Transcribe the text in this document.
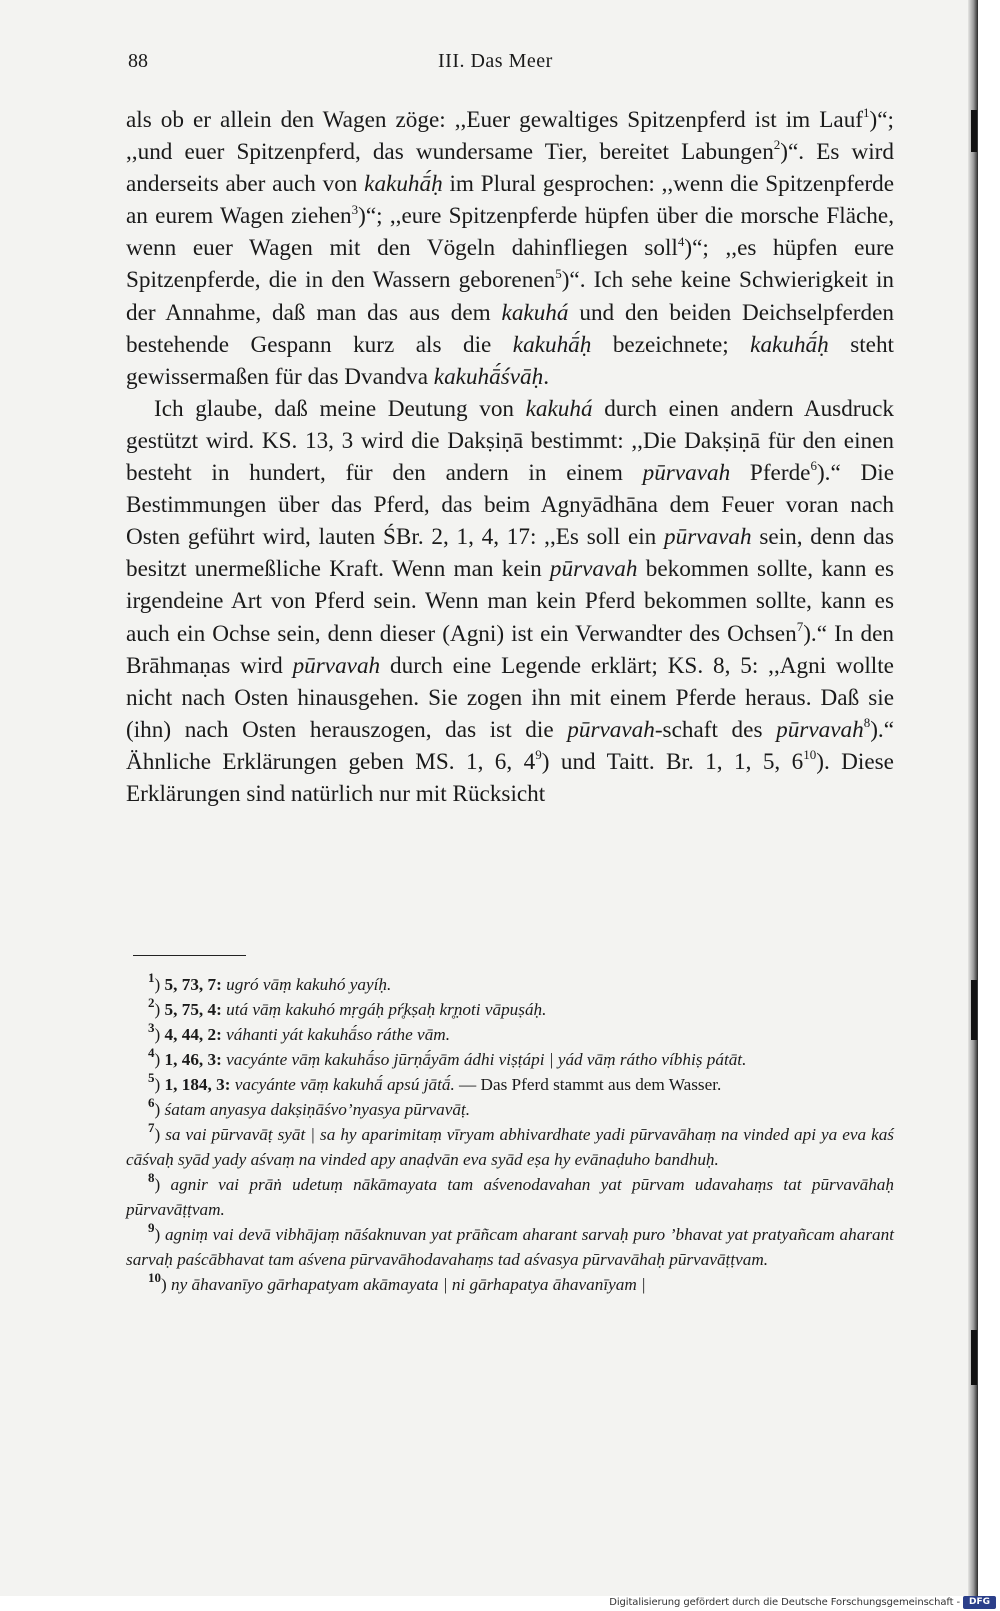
88	III. Das Meer

als ob er allein den Wagen zöge: ,,Euer gewaltiges Spitzenpferd ist im Lauf$^1$)“; ,,und euer Spitzenpferd, das wundersame Tier, bereitet Labungen$^2$)“. Es wird anderseits aber auch von kakuhā́ḥ im Plural gesprochen: ,,wenn die Spitzenpferde an eurem Wagen ziehen$^3$)“; ,,eure Spitzenpferde hüpfen über die morsche Fläche, wenn euer Wagen mit den Vögeln dahinfliegen soll$^4$)“; ,,es hüpfen eure Spitzenpferde, die in den Wassern geborenen$^5$)“. Ich sehe keine Schwierigkeit in der Annahme, daß man das aus dem kakuhá und den beiden Deichselpferden bestehende Gespann kurz als die kakuhā́ḥ bezeichnete; kakuhā́ḥ steht gewissermaßen für das Dvandva kakuhā́śvāḥ.

Ich glaube, daß meine Deutung von kakuhá durch einen andern Ausdruck gestützt wird. KS. 13, 3 wird die Dakṣiṇā bestimmt: ,,Die Dakṣiṇā für den einen besteht in hundert, für den andern in einem pūrvavah Pferde$^6$).“ Die Bestimmungen über das Pferd, das beim Agnyādhāna dem Feuer voran nach Osten geführt wird, lauten ŚBr. 2, 1, 4, 17: ,,Es soll ein pūrvavah sein, denn das besitzt unermeßliche Kraft. Wenn man kein pūrvavah bekommen sollte, kann es irgendeine Art von Pferd sein. Wenn man kein Pferd bekommen sollte, kann es auch ein Ochse sein, denn dieser (Agni) ist ein Verwandter des Ochsen$^7$).“ In den Brāhmaṇas wird pūrvavah durch eine Legende erklärt; KS. 8, 5: ,,Agni wollte nicht nach Osten hinausgehen. Sie zogen ihn mit einem Pferde heraus. Daß sie (ihn) nach Osten herauszogen, das ist die pūrvavah-schaft des pūrvavah$^8$).“ Ähnliche Erklärungen geben MS. 1, 6, $4^9$) und Taitt. Br. 1, 1, 5, $6^{10}$). Diese Erklärungen sind natürlich nur mit Rücksicht

$^1$) 5, 73, 7: ugró vāṃ kakuhó yayíḥ.

$^2$) 5, 75, 4: utá vāṃ kakuhó mṛgáḥ pŕ̥kṣaḥ kr̥ṇoti vāpuṣáḥ.

$^3$) 4, 44, 2: váhanti yát kakuhā́so ráthe vām.

$^4$) 1, 46, 3: vacyánte vāṃ kakuhā́so jūrṇā́yām ádhi viṣṭápi | yád vāṃ rátho víbhiṣ pátāt.

$^5$) 1, 184, 3: vacyánte vāṃ kakuhā́ apsú jātā́. — Das Pferd stammt aus dem Wasser.

$^6$) śatam anyasya dakṣiṇāśvo’nyasya pūrvavāṭ.

$^7$) sa vai pūrvavāṭ syāt | sa hy aparimitaṃ vīryam abhivardhate yadi pūrvavāhaṃ na vinded api ya eva kaś cāśvaḥ syād yady aśvaṃ na vinded apy anaḍvān eva syād eṣa hy evānaḍuho bandhuḥ.

$^8$) agnir vai prāṅ udetuṃ nākāmayata tam aśvenodavahan yat pūrvam udavahaṃs tat pūrvavāhaḥ pūrvavāṭṭvam.

$^9$) agniṃ vai devā vibhājaṃ nāśaknuvan yat prāñcam aharant sarvaḥ puro ’bhavat yat pratyañcam aharant sarvaḥ paścābhavat tam aśvena pūrvavāhodavahaṃs tad aśvasya pūrvavāhaḥ pūrvavāṭṭvam.

$^{10}$) ny āhavanīyo gārhapatyam akāmayata | ni gārhapatya āhavanīyam |

Digitalisierung gefördert durch die Deutsche Forschungsgemeinschaft - DFG
